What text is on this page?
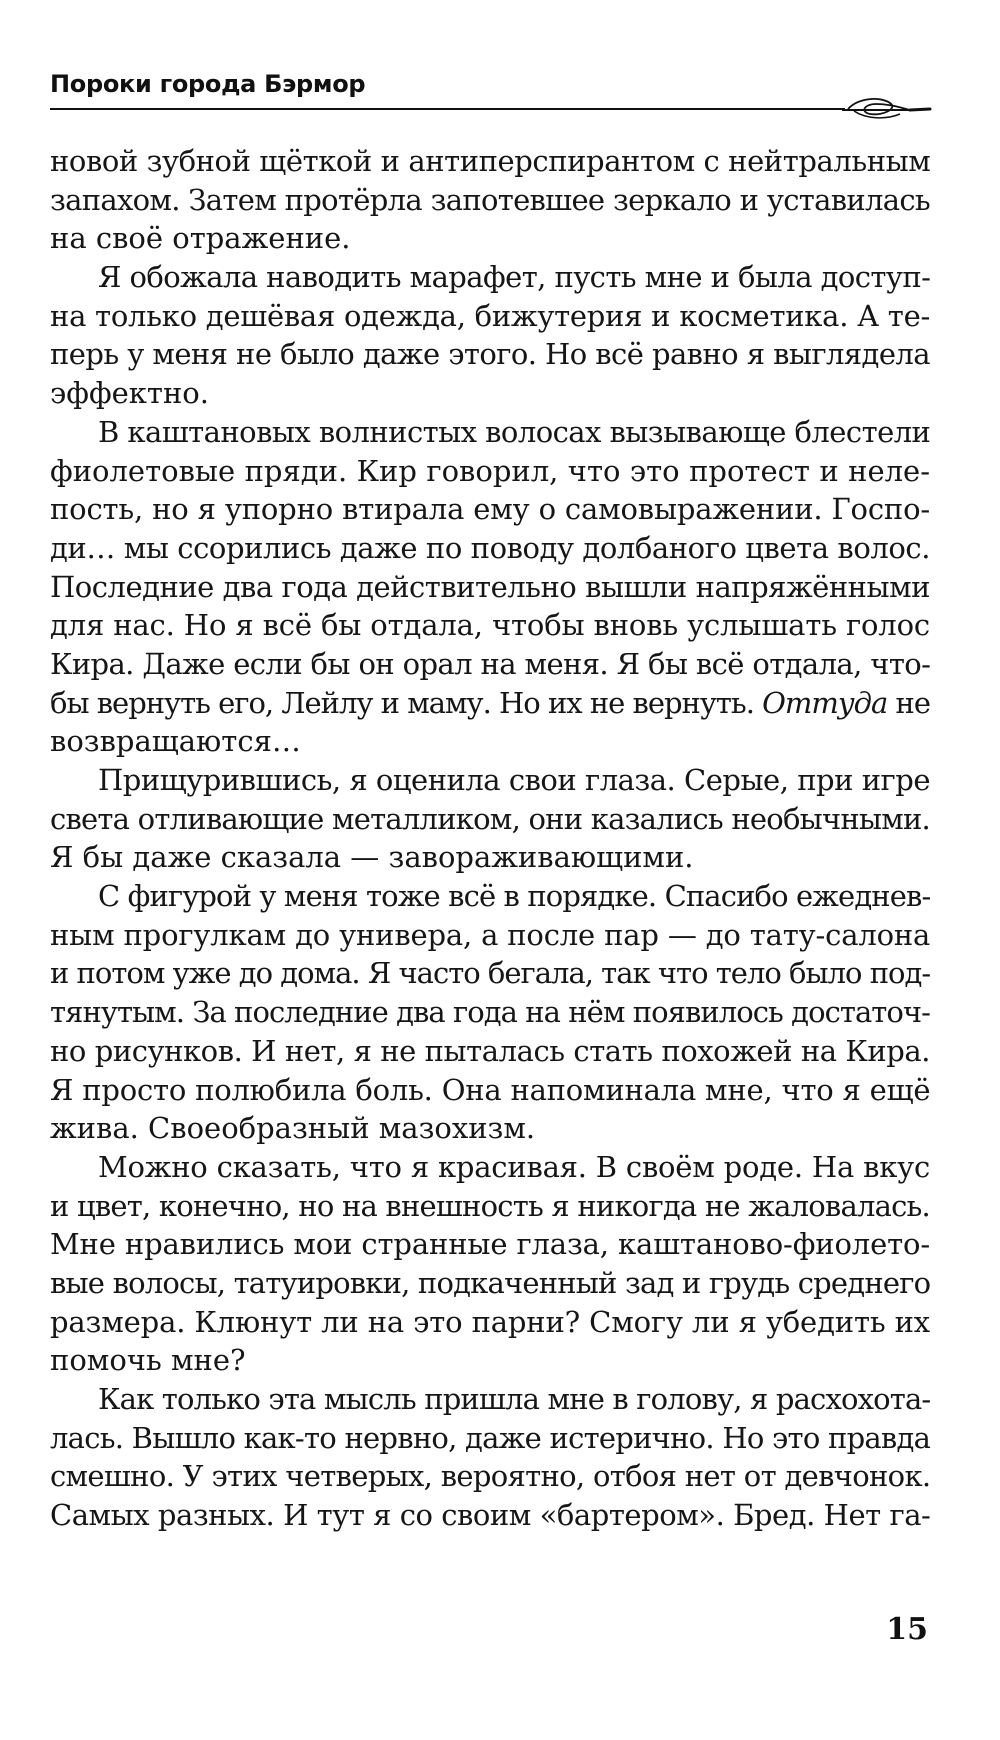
Пороки города Бэрмор
новой зубной щёткой и антиперспирантом с нейтральным
запахом. Затем протёрла запотевшее зеркало и уставилась
на своё отражение.
Я обожала наводить марафет, пусть мне и была доступ-
на только дешёвая одежда, бижутерия и косметика. А те-
перь у меня не было даже этого. Но всё равно я выглядела
эффектно.
В каштановых волнистых волосах вызывающе блестели
фиолетовые пряди. Кир говорил, что это протест и неле-
пость, но я упорно втирала ему о самовыражении. Госпо-
ди… мы ссорились даже по поводу долбаного цвета волос.
Последние два года действительно вышли напряжёнными
для нас. Но я всё бы отдала, чтобы вновь услышать голос
Кира. Даже если бы он орал на меня. Я бы всё отдала, что-
бы вернуть его, Лейлу и маму. Но их не вернуть. Оттуда не
возвращаются…
Прищурившись, я оценила свои глаза. Серые, при игре
света отливающие металликом, они казались необычными.
Я бы даже сказала — завораживающими.
С фигурой у меня тоже всё в порядке. Спасибо ежеднев-
ным прогулкам до универа, а после пар — до тату-салона
и потом уже до дома. Я часто бегала, так что тело было под-
тянутым. За последние два года на нём появилось достаточ-
но рисунков. И нет, я не пыталась стать похожей на Кира.
Я просто полюбила боль. Она напоминала мне, что я ещё
жива. Своеобразный мазохизм.
Можно сказать, что я красивая. В своём роде. На вкус
и цвет, конечно, но на внешность я никогда не жаловалась.
Мне нравились мои странные глаза, каштаново-фиолето-
вые волосы, татуировки, подкаченный зад и грудь среднего
размера. Клюнут ли на это парни? Смогу ли я убедить их
помочь мне?
Как только эта мысль пришла мне в голову, я расхохота-
лась. Вышло как-то нервно, даже истерично. Но это правда
смешно. У этих четверых, вероятно, отбоя нет от девчонок.
Самых разных. И тут я со своим «бартером». Бред. Нет га-
15
